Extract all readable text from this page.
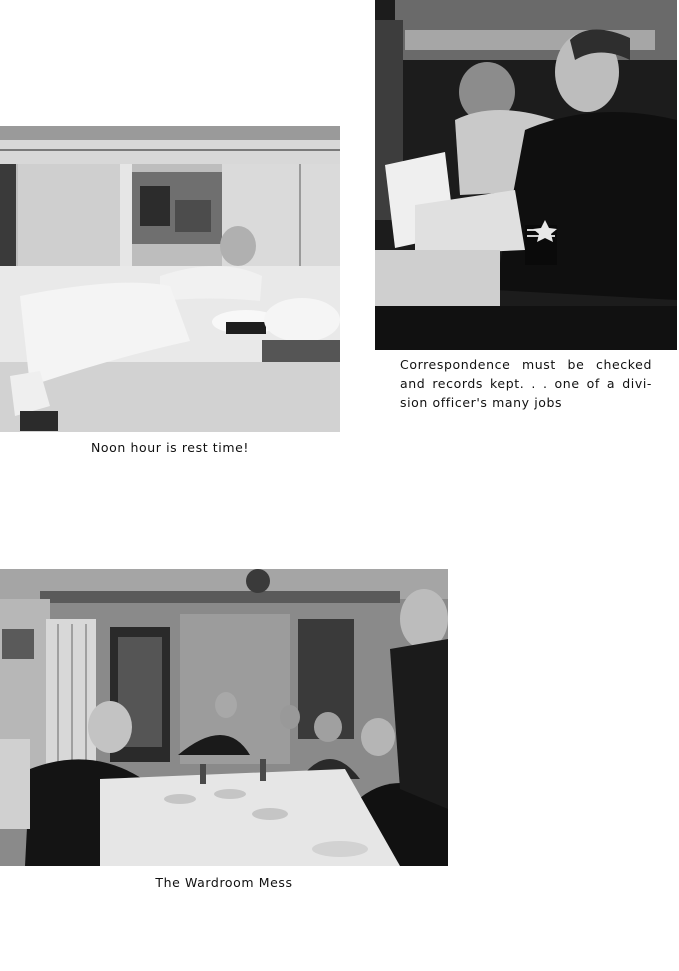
Noon hour is rest time!
Correspondence must be checked
and records kept. . . one of a divi-
sion officer's many jobs
The Wardroom Mess
